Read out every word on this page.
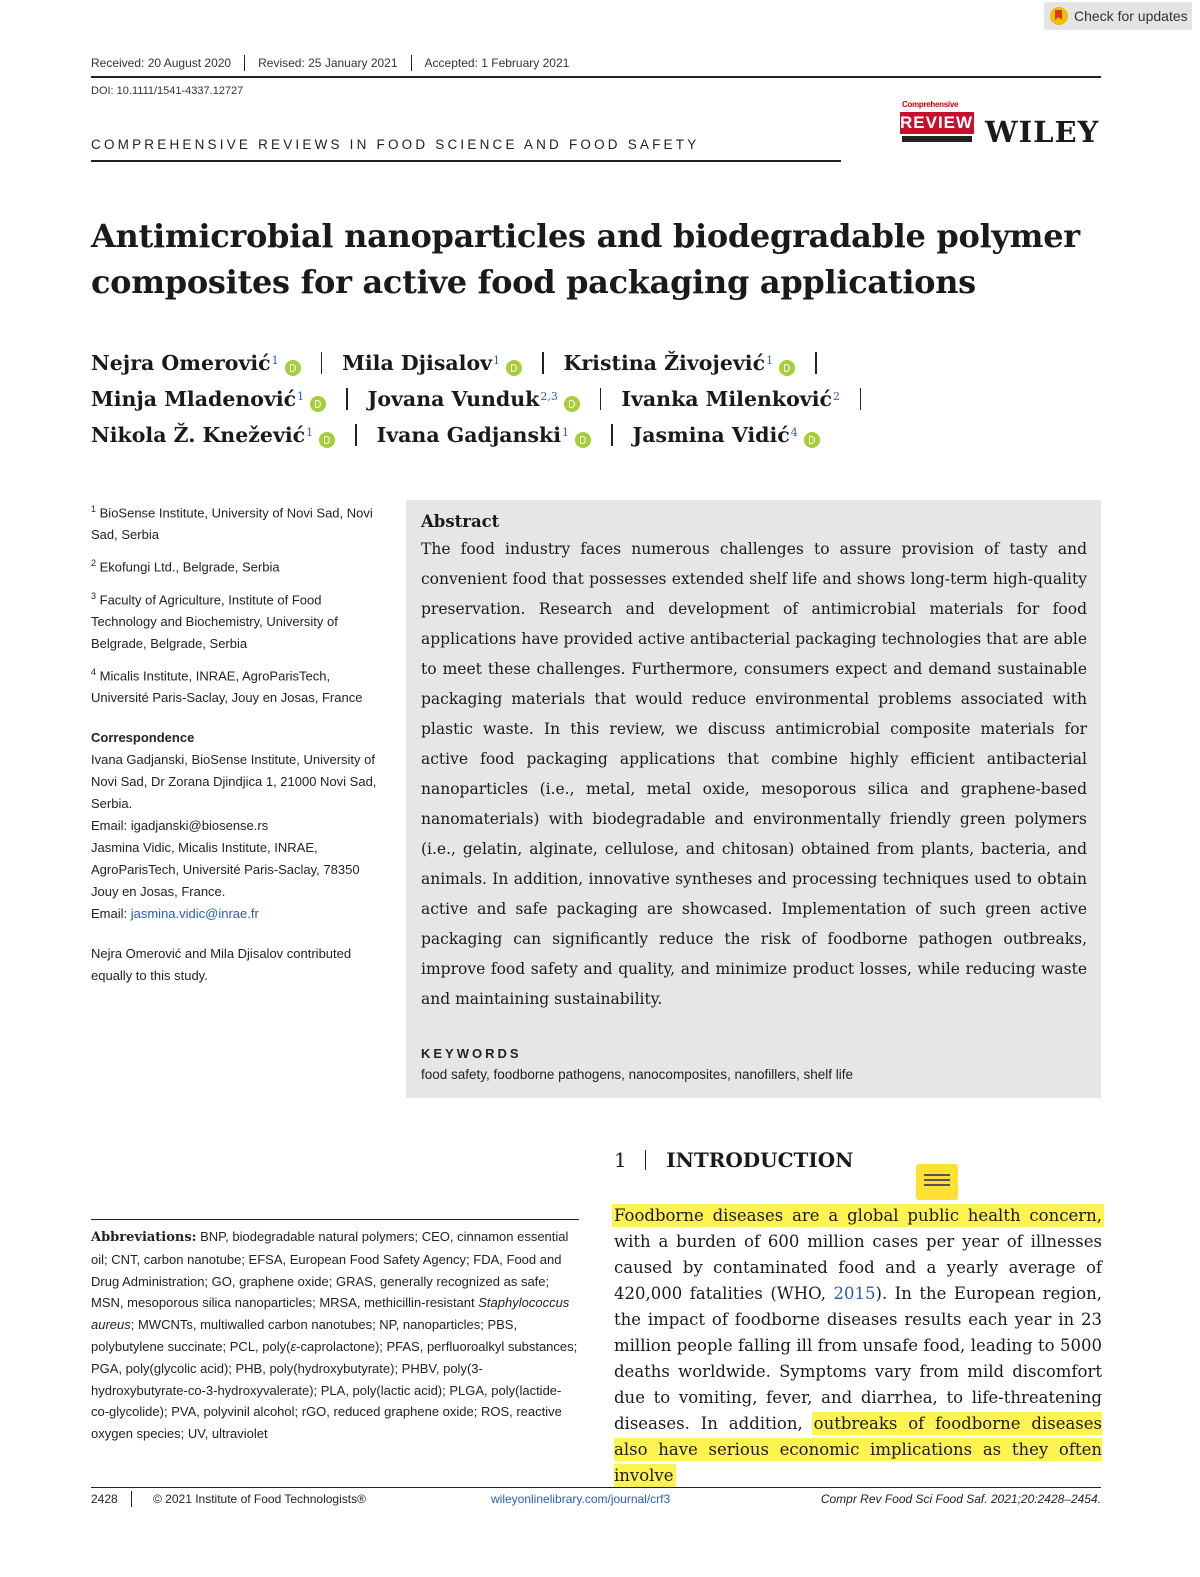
Check for updates
Received: 20 August 2020	Revised: 25 January 2021	Accepted: 1 February 2021
DOI: 10.1111/1541-4337.12727
COMPREHENSIVE REVIEWS IN FOOD SCIENCE AND FOOD SAFETY
Comprehensive
REVIEWS WILEY
Antimicrobial nanoparticles and biodegradable polymer composites for active food packaging applications
Nejra Omerović$^1$	Mila Djisalov$^1$	Kristina Živojević$^1$
Minja Mladenović$^1$	Jovana Vunduk$^{2,3}$	Ivanka Milenković$^2$
Nikola Ž. Knežević$^1$	Ivana Gadjanski$^1$	Jasmina Vidić$^4$

$^1$ BioSense Institute, University of Novi Sad, Novi Sad, Serbia

$^2$ Ekofungi Ltd., Belgrade, Serbia

$^3$ Faculty of Agriculture, Institute of Food Technology and Biochemistry, University of Belgrade, Belgrade, Serbia

$^4$ Micalis Institute, INRAE, AgroParisTech, Université Paris-Saclay, Jouy en Josas, France

Correspondence
Ivana Gadjanski, BioSense Institute, University of Novi Sad, Dr Zorana Djindjica 1, 21000 Novi Sad, Serbia.
Email: igadjanski@biosense.rs
Jasmina Vidic, Micalis Institute, INRAE, AgroParisTech, Université Paris-Saclay, 78350 Jouy en Josas, France.
Email: jasmina.vidic@inrae.fr
Nejra Omerović and Mila Djisalov contributed equally to this study.
Abstract
The food industry faces numerous challenges to assure provision of tasty and convenient food that possesses extended shelf life and shows long-term high-quality preservation. Research and development of antimicrobial materials for food applications have provided active antibacterial packaging technologies that are able to meet these challenges. Furthermore, consumers expect and demand sustainable packaging materials that would reduce environmental problems associated with plastic waste. In this review, we discuss antimicrobial composite materials for active food packaging applications that combine highly efficient antibacterial nanoparticles (i.e., metal, metal oxide, mesoporous silica and graphene-based nanomaterials) with biodegradable and environmentally friendly green polymers (i.e., gelatin, alginate, cellulose, and chitosan) obtained from plants, bacteria, and animals. In addition, innovative syntheses and processing techniques used to obtain active and safe packaging are showcased. Implementation of such green active packaging can significantly reduce the risk of foodborne pathogen outbreaks, improve food safety and quality, and minimize product losses, while reducing waste and maintaining sustainability.
KEYWORDS
food safety, foodborne pathogens, nanocomposites, nanofillers, shelf life
1 INTRODUCTION
Foodborne diseases are a global public health concern, with a burden of 600 million cases per year of illnesses caused by contaminated food and a yearly average of 420,000 fatalities (WHO, 2015). In the European region, the impact of foodborne diseases results each year in 23 million people falling ill from unsafe food, leading to 5000 deaths worldwide. Symptoms vary from mild discomfort due to vomiting, fever, and diarrhea, to life-threatening diseases. In addition, outbreaks of foodborne diseases also have serious economic implications as they often involve
Abbreviations: BNP, biodegradable natural polymers; CEO, cinnamon essential oil; CNT, carbon nanotube; EFSA, European Food Safety Agency; FDA, Food and Drug Administration; GO, graphene oxide; GRAS, generally recognized as safe; MSN, mesoporous silica nanoparticles; MRSA, methicillin-resistant Staphylococcus aureus; MWCNTs, multiwalled carbon nanotubes; NP, nanoparticles; PBS, polybutylene succinate; PCL, poly(ε-caprolactone); PFAS, perfluoroalkyl substances; PGA, poly(glycolic acid); PHB, poly(hydroxybutyrate); PHBV, poly(3-hydroxybutyrate-co-3-hydroxyvalerate); PLA, poly(lactic acid); PLGA, poly(lactide-co-glycolide); PVA, polyvinil alcohol; rGO, reduced graphene oxide; ROS, reactive oxygen species; UV, ultraviolet
2428	© 2021 Institute of Food Technologists®	wileyonlinelibrary.com/journal/crf3	Compr Rev Food Sci Food Saf. 2021;20:2428–2454.
